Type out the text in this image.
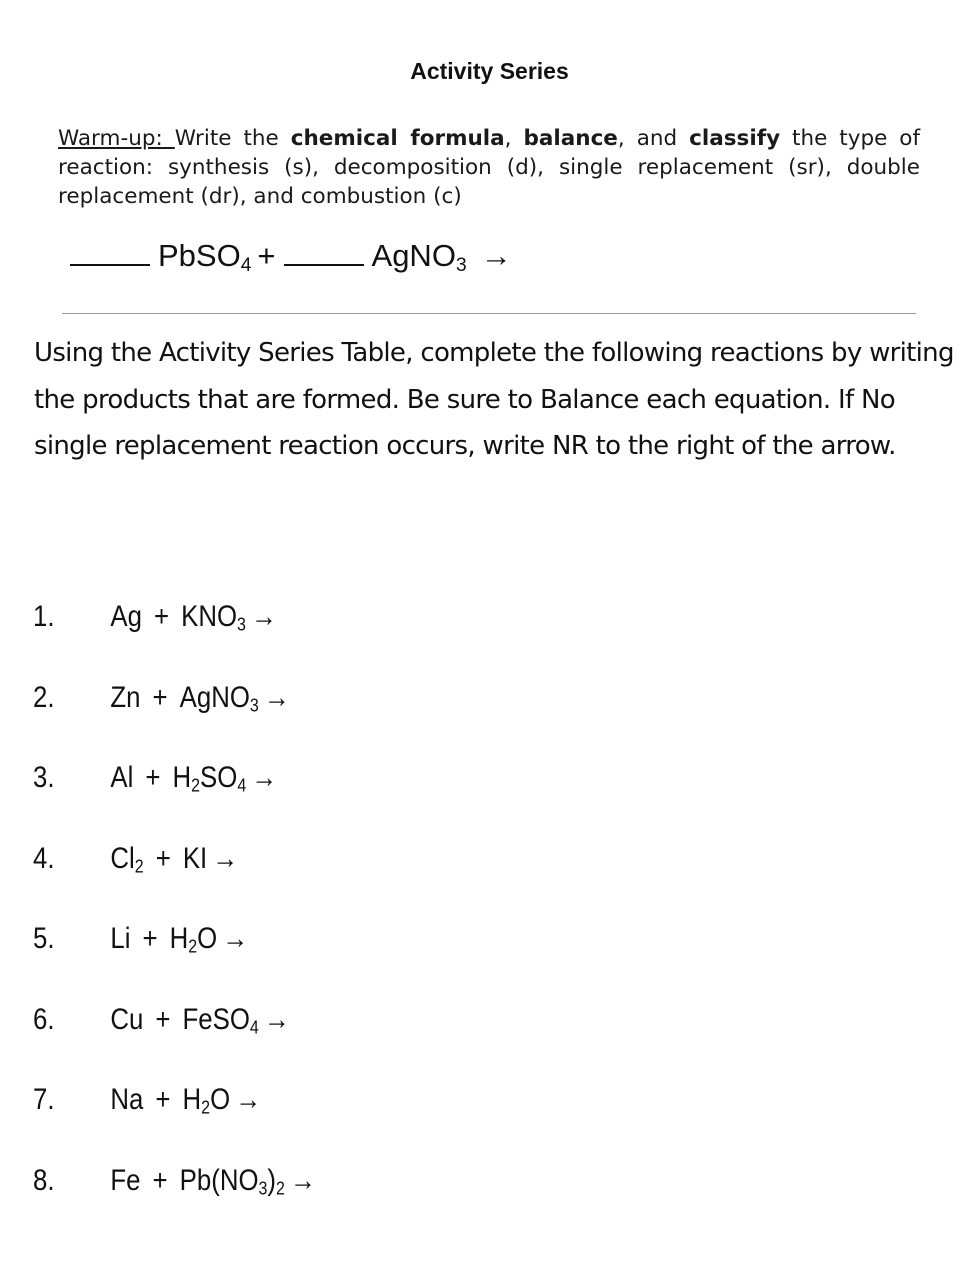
Activity Series
Warm-up: Write the chemical formula, balance, and classify the type of reaction: synthesis (s), decomposition (d), single replacement (sr), double replacement (dr), and combustion (c)
PbSO$_4$ +	AgNO$_3$ →
Using the Activity Series Table, complete the following reactions by writing the products that are formed. Be sure to Balance each equation. If No single replacement reaction occurs, write NR to the right of the arrow.
1. $Ag + KNO_3$ →
2. Zn + AgNO$_3$ →
3. $Al + H_2SO_4$ →
4. $Cl_2$ + KI →
5. $Li + H_2O$ →
6. Cu + FeSO$_4$ →
7. $Na + H_2O$ →
8. $Fe + Pb(NO_3)_2$ →
